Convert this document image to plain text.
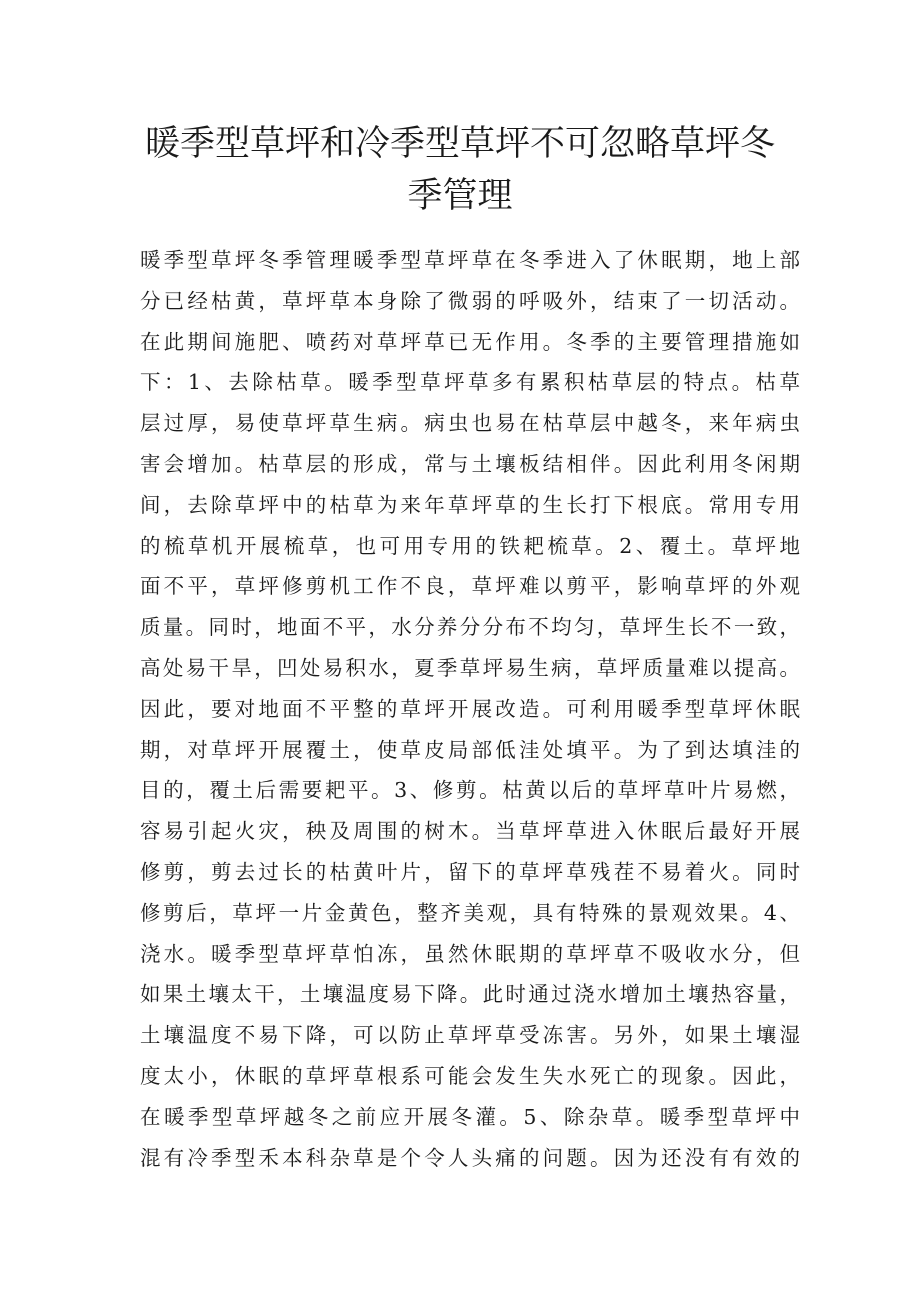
暖季型草坪和冷季型草坪不可忽略草坪冬
季管理
暖季型草坪冬季管理暖季型草坪草在冬季进入了休眠期，地上部
分已经枯黄，草坪草本身除了微弱的呼吸外，结束了一切活动。
在此期间施肥、喷药对草坪草已无作用。冬季的主要管理措施如
下：1、去除枯草。暖季型草坪草多有累积枯草层的特点。枯草
层过厚，易使草坪草生病。病虫也易在枯草层中越冬，来年病虫
害会增加。枯草层的形成，常与土壤板结相伴。因此利用冬闲期
间，去除草坪中的枯草为来年草坪草的生长打下根底。常用专用
的梳草机开展梳草，也可用专用的铁耙梳草。2、覆土。草坪地
面不平，草坪修剪机工作不良，草坪难以剪平，影响草坪的外观
质量。同时，地面不平，水分养分分布不均匀，草坪生长不一致，
高处易干旱，凹处易积水，夏季草坪易生病，草坪质量难以提高。
因此，要对地面不平整的草坪开展改造。可利用暖季型草坪休眠
期，对草坪开展覆土，使草皮局部低洼处填平。为了到达填洼的
目的，覆土后需要耙平。3、修剪。枯黄以后的草坪草叶片易燃，
容易引起火灾，秧及周围的树木。当草坪草进入休眠后最好开展
修剪，剪去过长的枯黄叶片，留下的草坪草残茬不易着火。同时
修剪后，草坪一片金黄色，整齐美观，具有特殊的景观效果。4、
浇水。暖季型草坪草怕冻，虽然休眠期的草坪草不吸收水分，但
如果土壤太干，土壤温度易下降。此时通过浇水增加土壤热容量，
土壤温度不易下降，可以防止草坪草受冻害。另外，如果土壤湿
度太小，休眠的草坪草根系可能会发生失水死亡的现象。因此，
在暖季型草坪越冬之前应开展冬灌。5、除杂草。暖季型草坪中
混有冷季型禾本科杂草是个令人头痛的问题。因为还没有有效的
